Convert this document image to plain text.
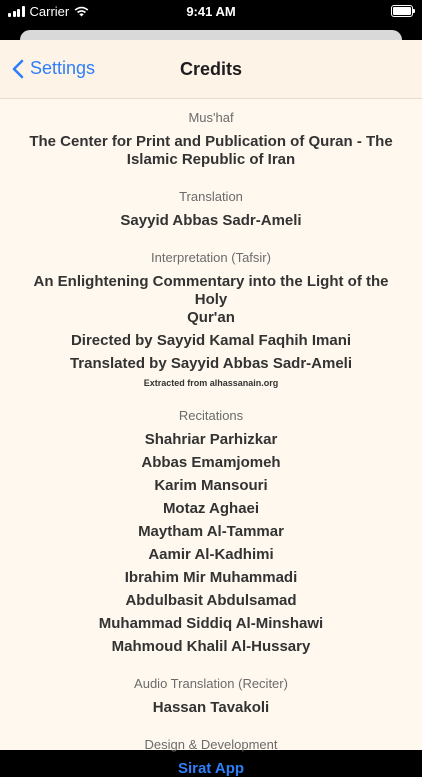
Carrier	9:41 AM
Settings	Credits
Mus'haf
The Center for Print and Publication of Quran - The
Islamic Republic of Iran
Translation
Sayyid Abbas Sadr-Ameli
Interpretation (Tafsir)
An Enlightening Commentary into the Light of the Holy
Qur'an
Directed by Sayyid Kamal Faqhih Imani
Translated by Sayyid Abbas Sadr-Ameli
Extracted from alhassanain.org
Recitations
Shahriar Parhizkar
Abbas Emamjomeh
Karim Mansouri
Motaz Aghaei
Maytham Al-Tammar
Aamir Al-Kadhimi
Ibrahim Mir Muhammadi
Abdulbasit Abdulsamad
Muhammad Siddiq Al-Minshawi
Mahmoud Khalil Al-Hussary
Audio Translation (Reciter)
Hassan Tavakoli
Design & Development
Sirat App
